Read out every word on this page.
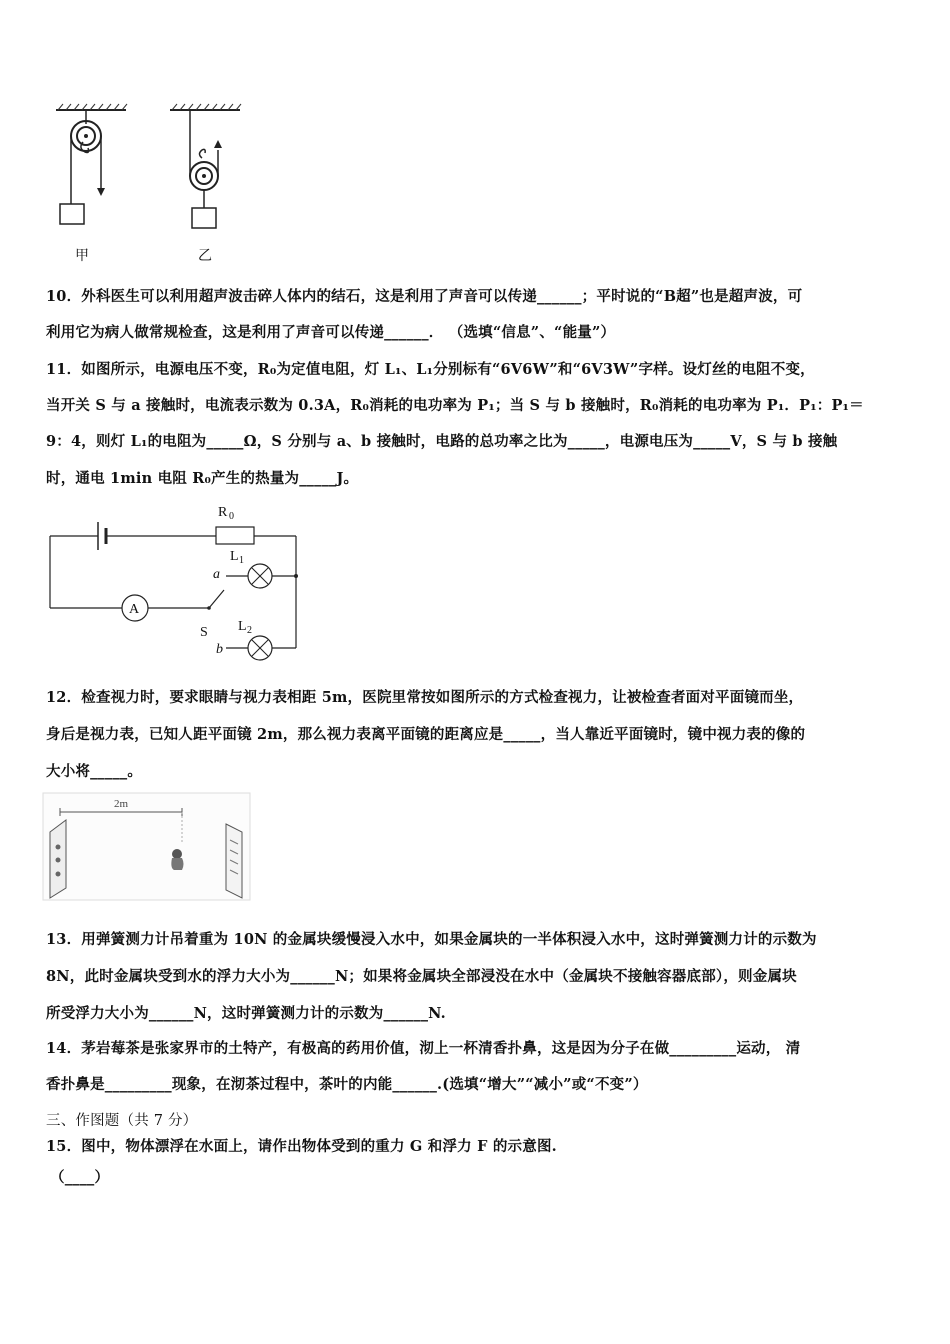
甲	乙
10．外科医生可以利用超声波击碎人体内的结石，这是利用了声音可以传递______；平时说的“B超”也是超声波，可
利用它为病人做常规检查，这是利用了声音可以传递______． （选填“信息”、“能量”）
11．如图所示，电源电压不变，R₀为定值电阻，灯 L₁、L₁分别标有“6V6W”和“6V3W”字样。设灯丝的电阻不变，
当开关 S 与 a 接触时，电流表示数为 0.3A，R₀消耗的电功率为 P₁；当 S 与 b 接触时，R₀消耗的电功率为 P₁．P₁：P₁＝
9：4，则灯 L₁的电阻为_____Ω，S 分别与 a、b 接触时，电路的总功率之比为_____，电源电压为_____V，S 与 b 接触
时，通电 1min 电阻 R₀产生的热量为_____J。
R 0
A
S
a
L 1
b
L 2
12．检查视力时，要求眼睛与视力表相距 5m，医院里常按如图所示的方式检查视力，让被检查者面对平面镜而坐，
身后是视力表，已知人距平面镜 2m，那么视力表离平面镜的距离应是_____，当人靠近平面镜时，镜中视力表的像的
大小将_____。
2m
13．用弹簧测力计吊着重为 10N 的金属块缓慢浸入水中，如果金属块的一半体积浸入水中，这时弹簧测力计的示数为
8N，此时金属块受到水的浮力大小为______N；如果将金属块全部浸没在水中（金属块不接触容器底部），则金属块
所受浮力大小为______N，这时弹簧测力计的示数为______N.
14．茅岩莓茶是张家界市的土特产，有极高的药用价值，沏上一杯清香扑鼻，这是因为分子在做_________运动， 清
香扑鼻是_________现象，在沏茶过程中，茶叶的内能______.(选填“增大”“减小”或“不变”）
三、作图题（共 7 分）
15．图中，物体漂浮在水面上，请作出物体受到的重力 G 和浮力 F 的示意图.
（____）
